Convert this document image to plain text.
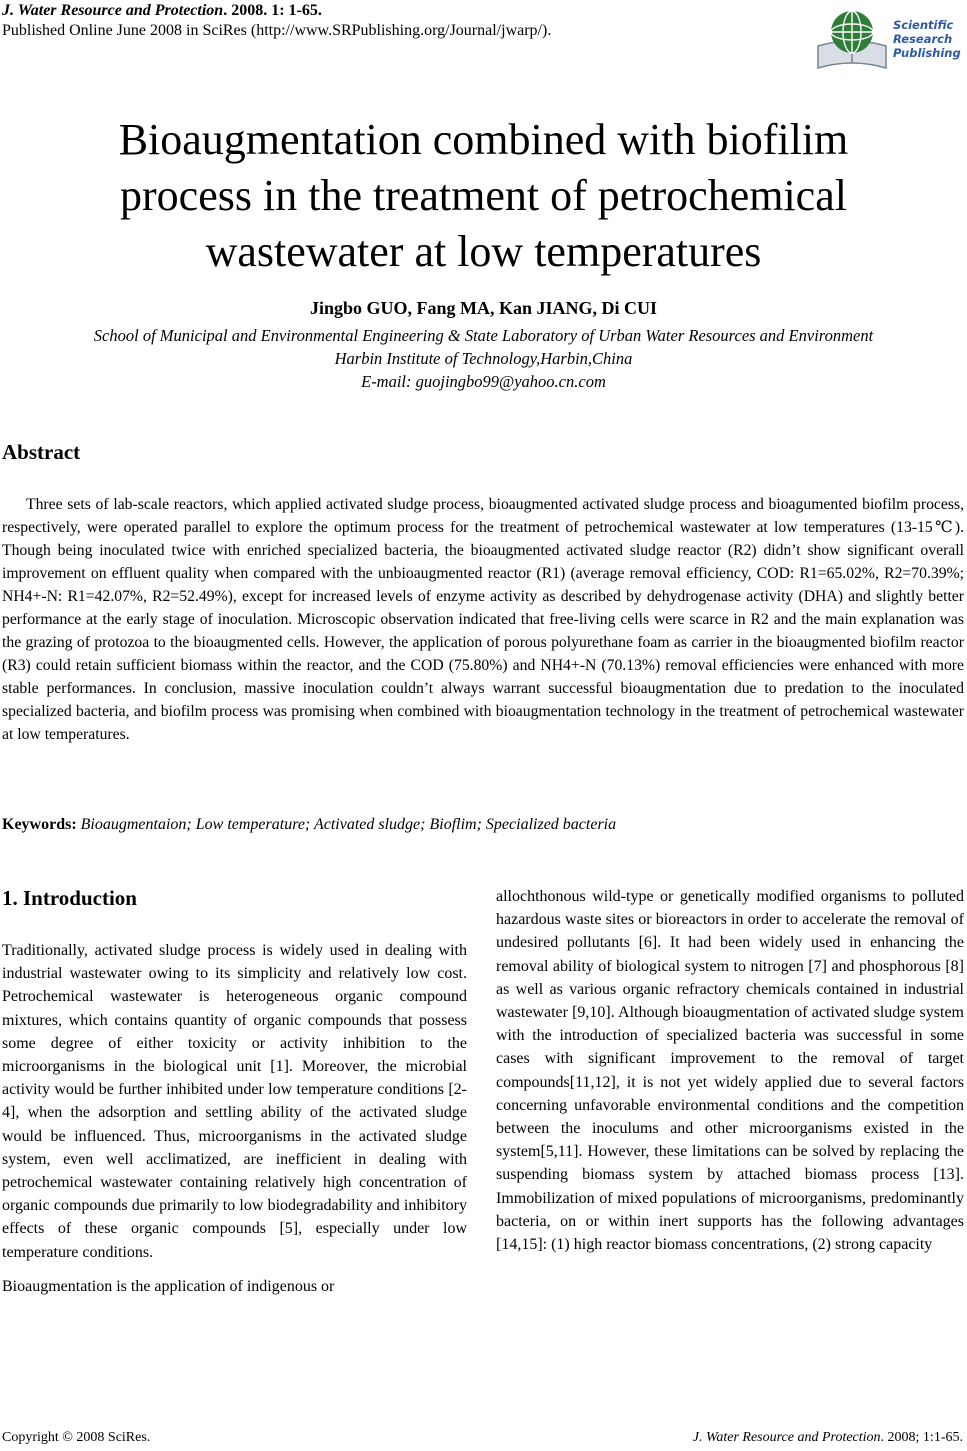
J. Water Resource and Protection. 2008. 1: 1-65.
Published Online June 2008 in SciRes (http://www.SRPublishing.org/Journal/jwarp/).	Scientific
Research
Publishing
Bioaugmentation combined with biofilim
process in the treatment of petrochemical
wastewater at low temperatures
Jingbo GUO, Fang MA, Kan JIANG, Di CUI
School of Municipal and Environmental Engineering & State Laboratory of Urban Water Resources and Environment
Harbin Institute of Technology,Harbin,China
E-mail: guojingbo99@yahoo.cn.com
Abstract
Three sets of lab-scale reactors, which applied activated sludge process, bioaugmented activated sludge process and bioagumented biofilm process, respectively, were operated parallel to explore the optimum process for the treatment of petrochemical wastewater at low temperatures (13-15℃). Though being inoculated twice with enriched specialized bacteria, the bioaugmented activated sludge reactor (R2) didn’t show significant overall improvement on effluent quality when compared with the unbioaugmented reactor (R1) (average removal efficiency, COD: R1=65.02%, R2=70.39%; NH4+-N: R1=42.07%, R2=52.49%), except for increased levels of enzyme activity as described by dehydrogenase activity (DHA) and slightly better performance at the early stage of inoculation. Microscopic observation indicated that free-living cells were scarce in R2 and the main explanation was the grazing of protozoa to the bioaugmented cells. However, the application of porous polyurethane foam as carrier in the bioaugmented biofilm reactor (R3) could retain sufficient biomass within the reactor, and the COD (75.80%) and NH4+-N (70.13%) removal efficiencies were enhanced with more stable performances. In conclusion, massive inoculation couldn’t always warrant successful bioaugmentation due to predation to the inoculated specialized bacteria, and biofilm process was promising when combined with bioaugmentation technology in the treatment of petrochemical wastewater at low temperatures.
Keywords: Bioaugmentaion; Low temperature; Activated sludge; Bioflim; Specialized bacteria
1. Introduction

Traditionally, activated sludge process is widely used in dealing with industrial wastewater owing to its simplicity and relatively low cost. Petrochemical wastewater is heterogeneous organic compound mixtures, which contains quantity of organic compounds that possess some degree of either toxicity or activity inhibition to the microorganisms in the biological unit [1]. Moreover, the microbial activity would be further inhibited under low temperature conditions [2-4], when the adsorption and settling ability of the activated sludge would be influenced. Thus, microorganisms in the activated sludge system, even well acclimatized, are inefficient in dealing with petrochemical wastewater containing relatively high concentration of organic compounds due primarily to low biodegradability and inhibitory effects of these organic compounds [5], especially under low temperature conditions.

Bioaugmentation is the application of indigenous or

allochthonous wild-type or genetically modified organisms to polluted hazardous waste sites or bioreactors in order to accelerate the removal of undesired pollutants [6]. It had been widely used in enhancing the removal ability of biological system to nitrogen [7] and phosphorous [8] as well as various organic refractory chemicals contained in industrial wastewater [9,10]. Although bioaugmentation of activated sludge system with the introduction of specialized bacteria was successful in some cases with significant improvement to the removal of target compounds[11,12], it is not yet widely applied due to several factors concerning unfavorable environmental conditions and the competition between the inoculums and other microorganisms existed in the system[5,11]. However, these limitations can be solved by replacing the suspending biomass system by attached biomass process [13]. Immobilization of mixed populations of microorganisms, predominantly bacteria, on or within inert supports has the following advantages [14,15]: (1) high reactor biomass concentrations, (2) strong capacity

Copyright © 2008 SciRes.	J. Water Resource and Protection. 2008; 1:1-65.
